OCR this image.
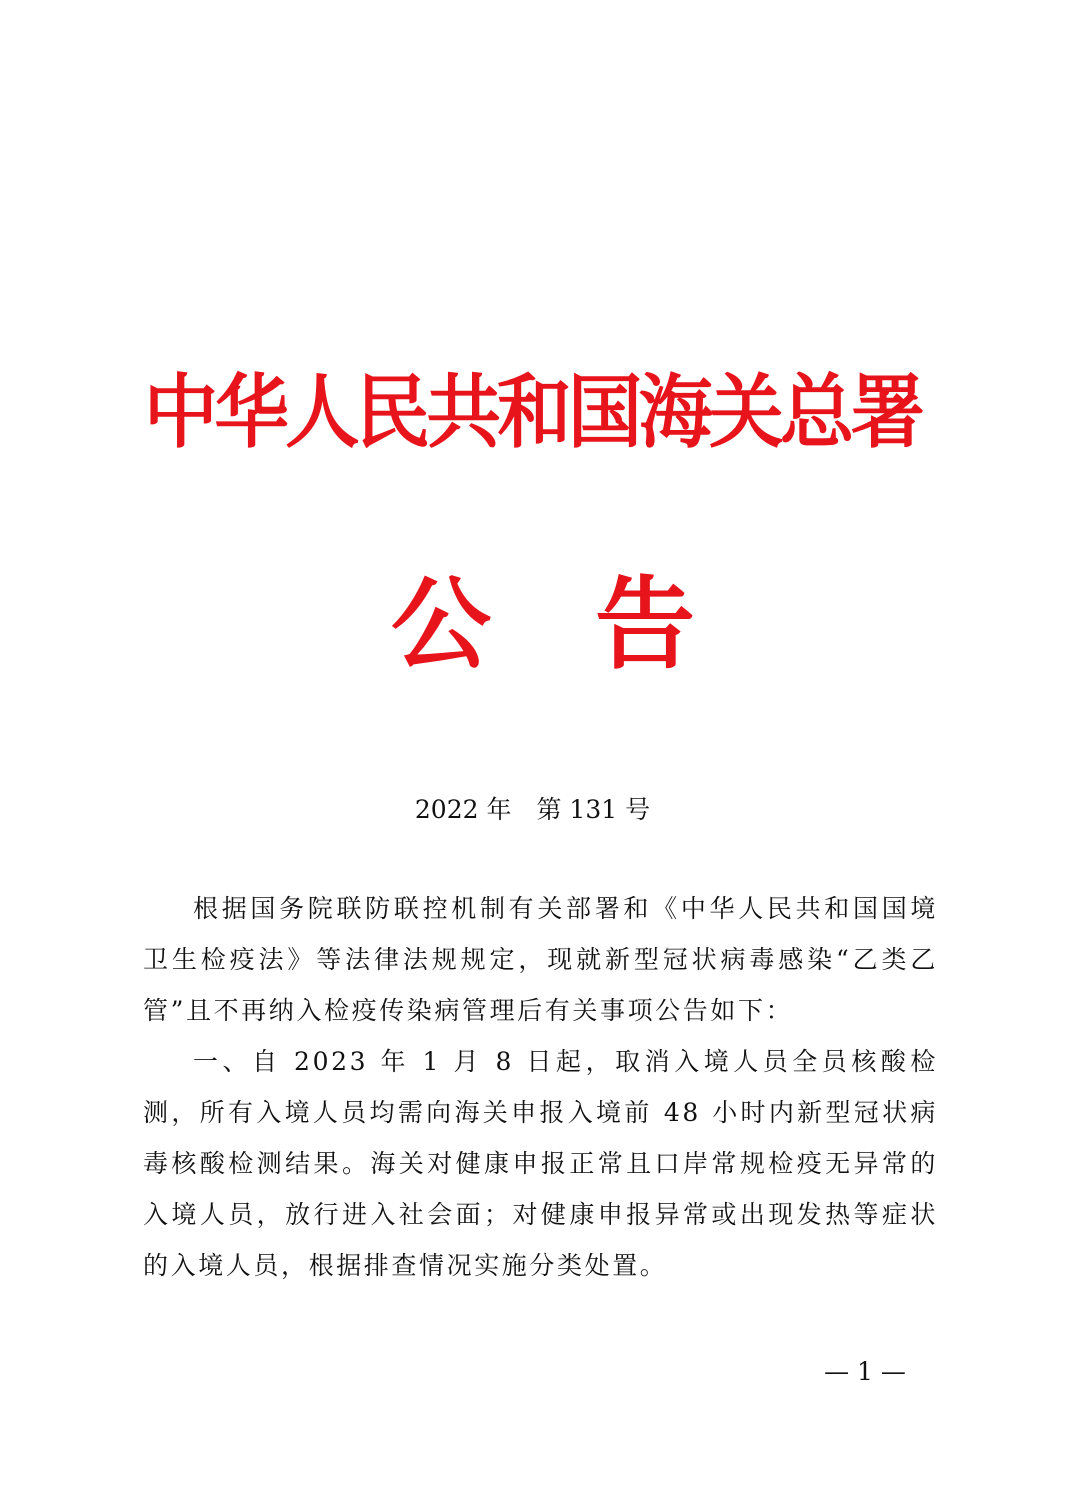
中华人民共和国海关总署
公 告
2022 年　第 131 号

根据国务院联防联控机制有关部署和《中华人民共和国国境卫生检疫法》等法律法规规定，现就新型冠状病毒感染“乙类乙管”且不再纳入检疫传染病管理后有关事项公告如下：

一、自 2023 年 1 月 8 日起，取消入境人员全员核酸检测，所有入境人员均需向海关申报入境前 48 小时内新型冠状病毒核酸检测结果。海关对健康申报正常且口岸常规检疫无异常的入境人员，放行进入社会面；对健康申报异常或出现发热等症状的入境人员，根据排查情况实施分类处置。

— 1 —
